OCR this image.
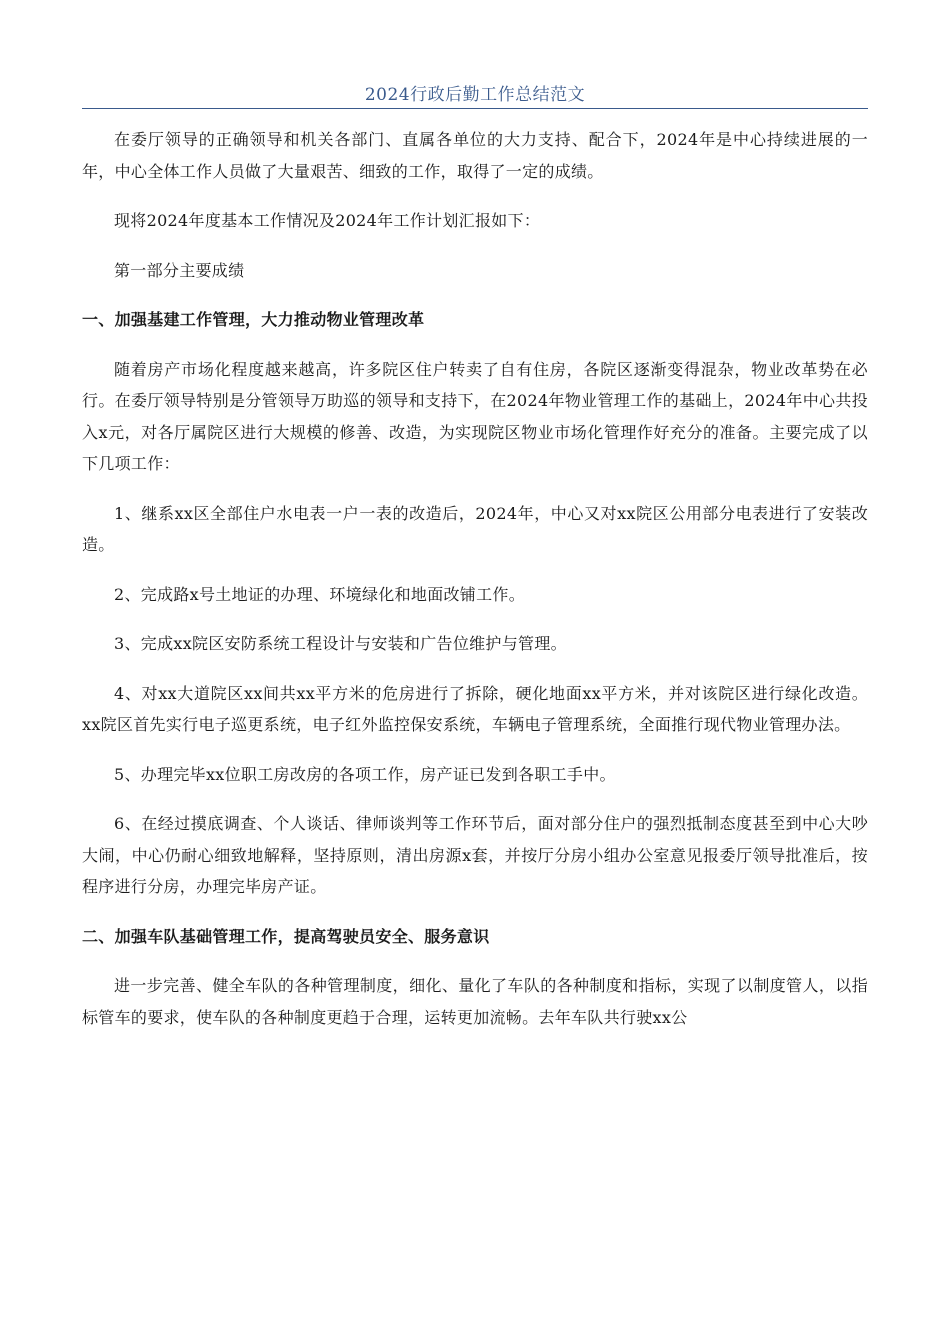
2024行政后勤工作总结范文

在委厅领导的正确领导和机关各部门、直属各单位的大力支持、配合下，2024年是中心持续进展的一年，中心全体工作人员做了大量艰苦、细致的工作，取得了一定的成绩。

现将2024年度基本工作情况及2024年工作计划汇报如下：

第一部分主要成绩

一、加强基建工作管理，大力推动物业管理改革

随着房产市场化程度越来越高，许多院区住户转卖了自有住房，各院区逐渐变得混杂，物业改革势在必行。在委厅领导特别是分管领导万助巡的领导和支持下，在2024年物业管理工作的基础上，2024年中心共投入x元，对各厅属院区进行大规模的修善、改造，为实现院区物业市场化管理作好充分的准备。主要完成了以下几项工作：

1、继系xx区全部住户水电表一户一表的改造后，2024年，中心又对xx院区公用部分电表进行了安装改造。

2、完成路x号土地证的办理、环境绿化和地面改铺工作。

3、完成xx院区安防系统工程设计与安装和广告位维护与管理。

4、对xx大道院区xx间共xx平方米的危房进行了拆除，硬化地面xx平方米，并对该院区进行绿化改造。xx院区首先实行电子巡更系统，电子红外监控保安系统，车辆电子管理系统，全面推行现代物业管理办法。

5、办理完毕xx位职工房改房的各项工作，房产证已发到各职工手中。

6、在经过摸底调查、个人谈话、律师谈判等工作环节后，面对部分住户的强烈抵制态度甚至到中心大吵大闹，中心仍耐心细致地解释，坚持原则，清出房源x套，并按厅分房小组办公室意见报委厅领导批准后，按程序进行分房，办理完毕房产证。

二、加强车队基础管理工作，提高驾驶员安全、服务意识

进一步完善、健全车队的各种管理制度，细化、量化了车队的各种制度和指标，实现了以制度管人，以指标管车的要求，使车队的各种制度更趋于合理，运转更加流畅。去年车队共行驶xx公
